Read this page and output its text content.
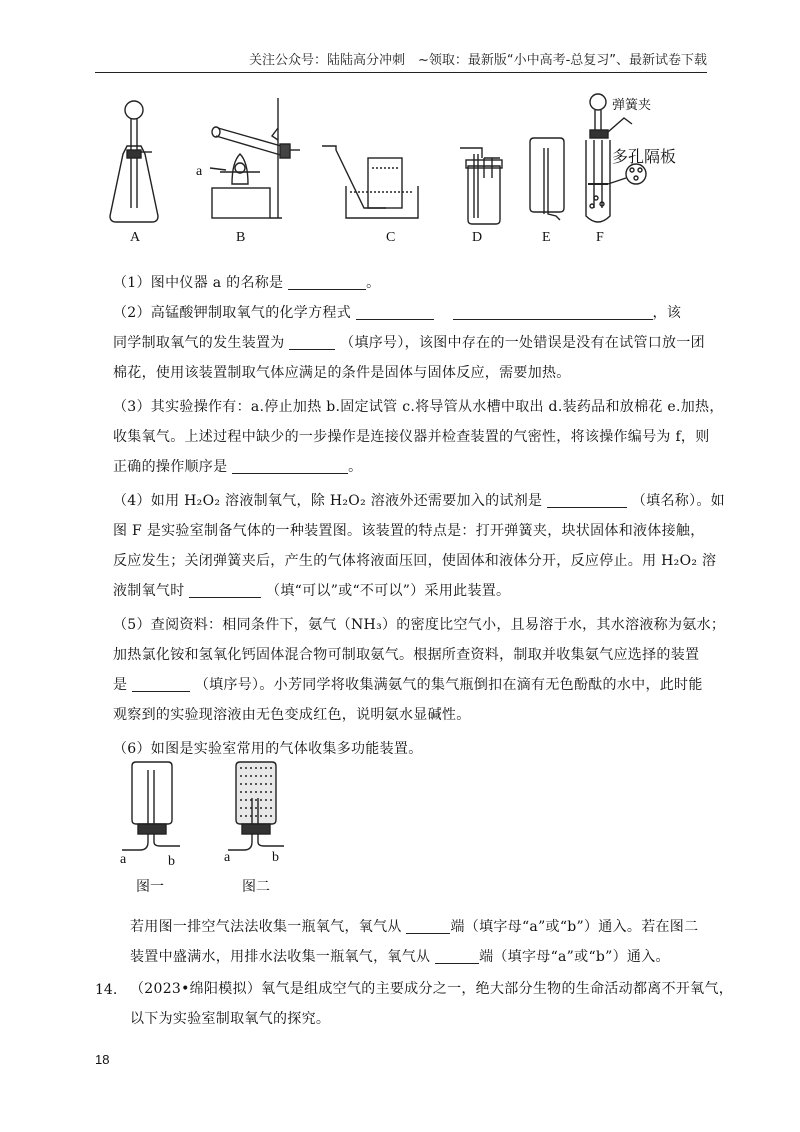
关注公众号：陆陆高分冲刺　~领取：最新版“小中高考-总复习”、最新试卷下载
a
A	B	C	D	E	F
弹簧夹
多孔隔板
（1）图中仪器 a 的名称是	。
（2）高锰酸钾制取氧气的化学方程式	，该
同学制取氧气的发生装置为	（填序号），该图中存在的一处错误是没有在试管口放一团
棉花，使用该装置制取气体应满足的条件是固体与固体反应，需要加热。
（3）其实验操作有：a.停止加热 b.固定试管 c.将导管从水槽中取出 d.装药品和放棉花 e.加热，
收集氧气。上述过程中缺少的一步操作是连接仪器并检查装置的气密性，将该操作编号为 f，则
正确的操作顺序是	。
（4）如用 H₂O₂ 溶液制氧气，除 H₂O₂ 溶液外还需要加入的试剂是	（填名称）。如
图 F 是实验室制备气体的一种装置图。该装置的特点是：打开弹簧夹，块状固体和液体接触，
反应发生；关闭弹簧夹后，产生的气体将液面压回，使固体和液体分开，反应停止。用 H₂O₂ 溶
液制氧气时	（填“可以”或“不可以”）采用此装置。
（5）查阅资料：相同条件下，氨气（NH₃）的密度比空气小，且易溶于水，其水溶液称为氨水；
加热氯化铵和氢氧化钙固体混合物可制取氨气。根据所查资料，制取并收集氨气应选择的装置
是	（填序号）。小芳同学将收集满氨气的集气瓶倒扣在滴有无色酚酞的水中，此时能
观察到的实验现溶液由无色变成红色，说明氨水显碱性。
（6）如图是实验室常用的气体收集多功能装置。
a	b
图一
a	b
图二
若用图一排空气法法收集一瓶氧气，氧气从	端（填字母“a”或“b”）通入。若在图二
装置中盛满水，用排水法收集一瓶氧气，氧气从	端（填字母“a”或“b”）通入。
14. （2023•绵阳模拟）氧气是组成空气的主要成分之一，绝大部分生物的生命活动都离不开氧气，
以下为实验室制取氧气的探究。
18
